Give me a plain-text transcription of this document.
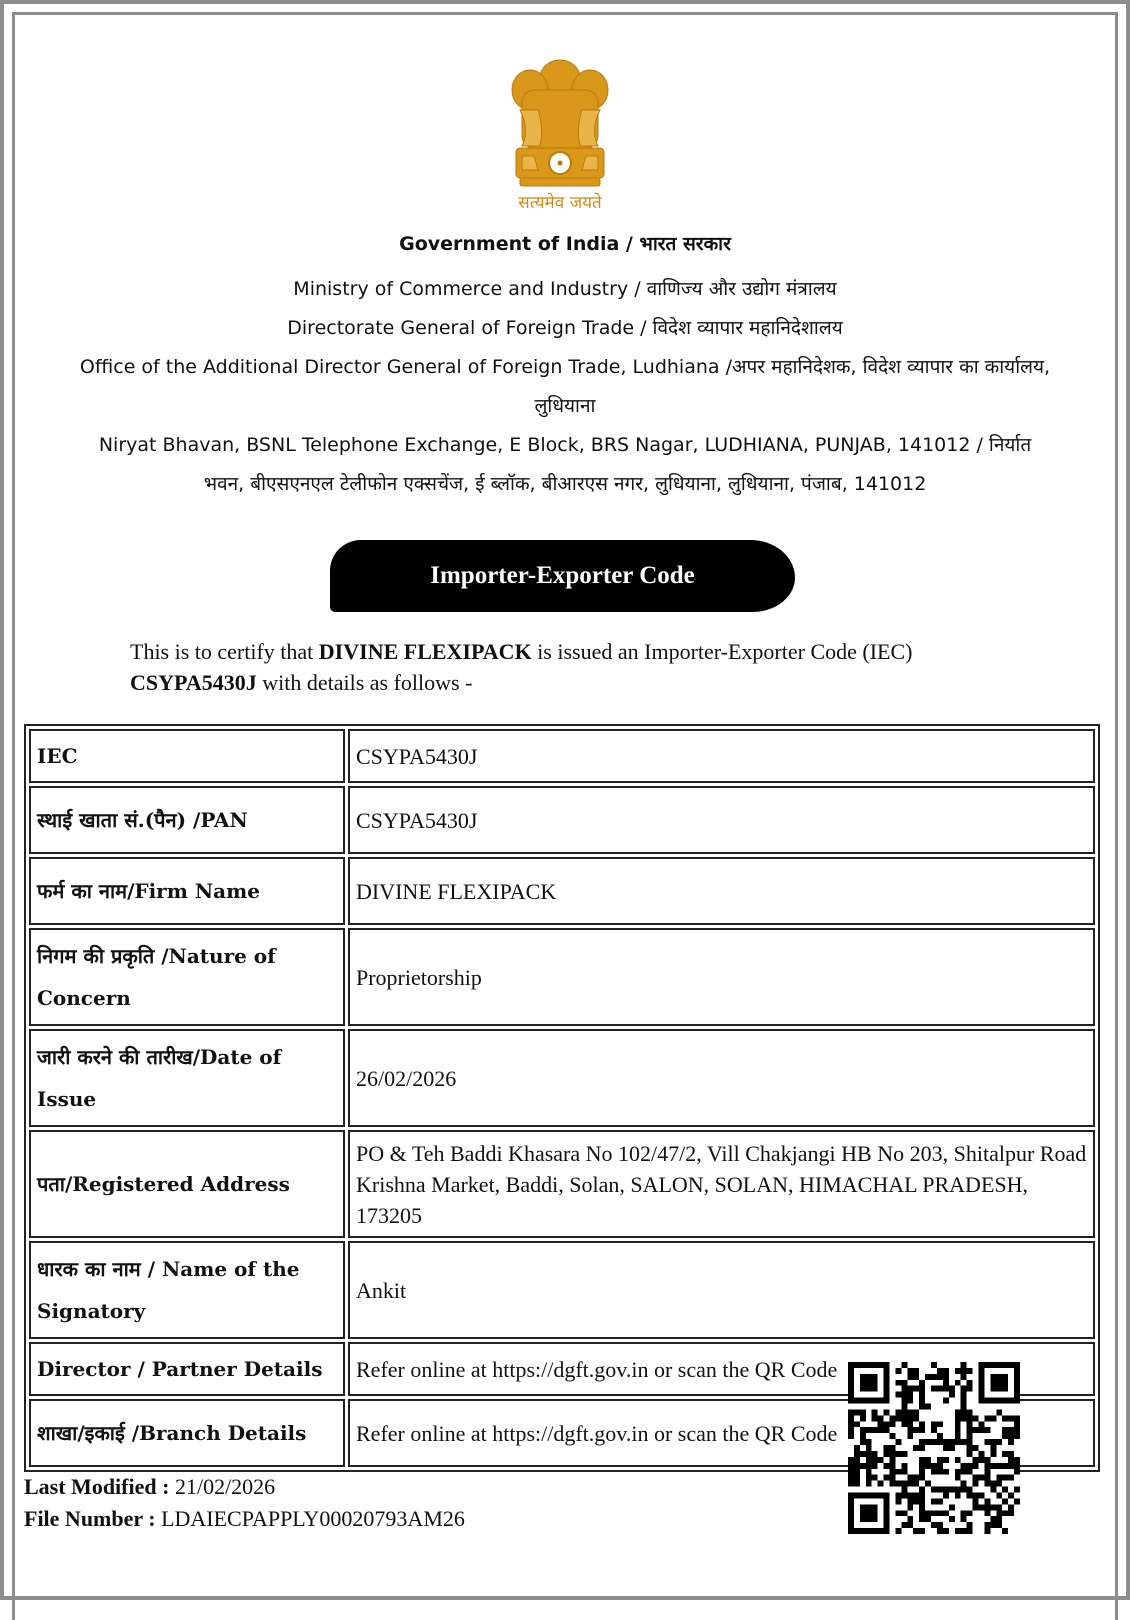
सत्यमेव जयते
Government of India / भारत सरकार
Ministry of Commerce and Industry / वाणिज्य और उद्योग मंत्रालय
Directorate General of Foreign Trade / विदेश व्यापार महानिदेशालय
Office of the Additional Director General of Foreign Trade, Ludhiana /अपर महानिदेशक, विदेश व्यापार का कार्यालय,
लुधियाना
Niryat Bhavan, BSNL Telephone Exchange, E Block, BRS Nagar, LUDHIANA, PUNJAB, 141012 / निर्यात
भवन, बीएसएनएल टेलीफोन एक्सचेंज, ई ब्लॉक, बीआरएस नगर, लुधियाना, लुधियाना, पंजाब, 141012
Importer-Exporter Code
This is to certify that DIVINE FLEXIPACK is issued an Importer-Exporter Code (IEC) CSYPA5430J with details as follows -
IEC	CSYPA5430J
स्थाई खाता सं.(पैन) /PAN	CSYPA5430J
फर्म का नाम/Firm Name	DIVINE FLEXIPACK
निगम की प्रकृति /Nature of Concern	Proprietorship
जारी करने की तारीख/Date of Issue	26/02/2026
पता/Registered Address	PO & Teh Baddi Khasara No 102/47/2, Vill Chakjangi HB No 203, Shitalpur Road Krishna Market, Baddi, Solan, SALON, SOLAN, HIMACHAL PRADESH, 173205
धारक का नाम / Name of the Signatory	Ankit
Director / Partner Details	Refer online at https://dgft.gov.in or scan the QR Code
शाखा/इकाई /Branch Details	Refer online at https://dgft.gov.in or scan the QR Code
Last Modified : 21/02/2026
File Number : LDAIECPAPPLY00020793AM26
